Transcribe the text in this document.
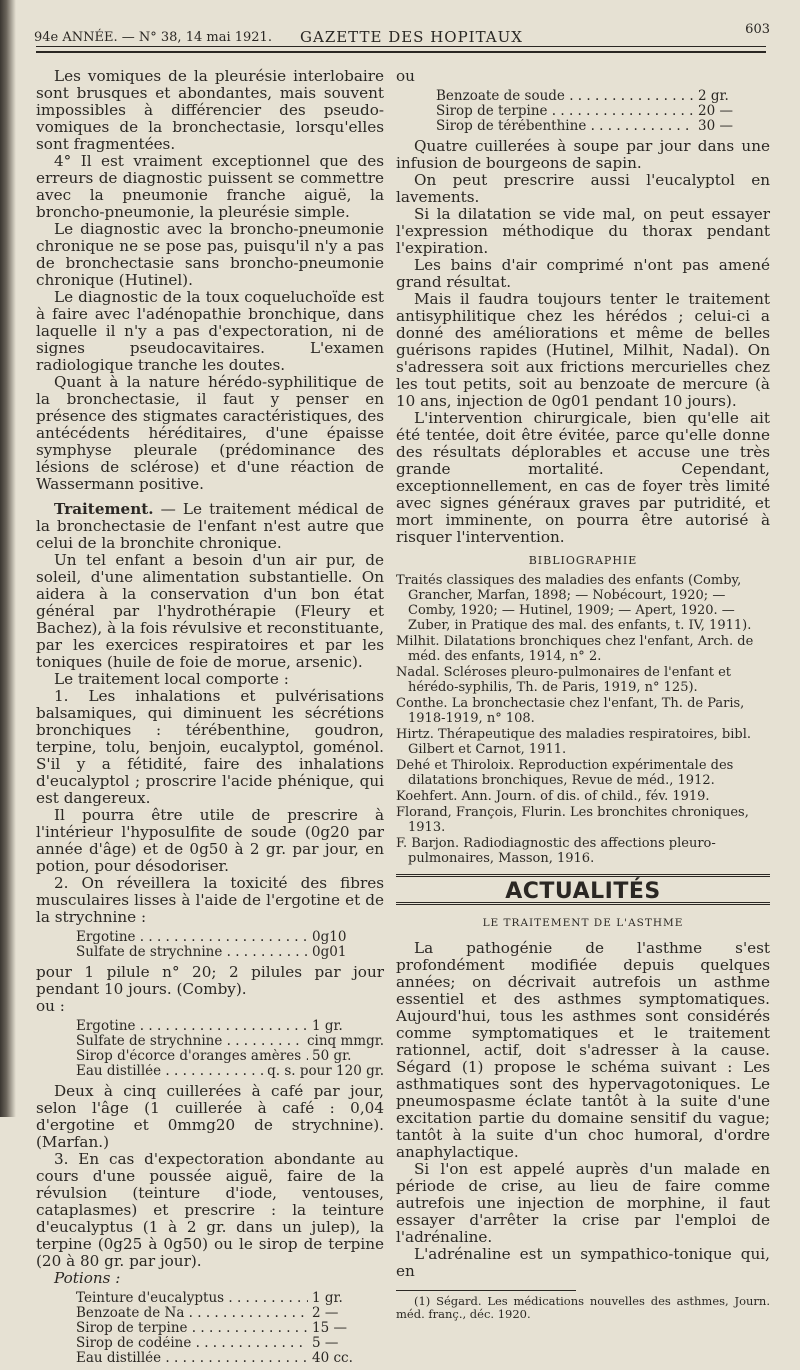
94e ANNÉE. — N° 38, 14 mai 1921. GAZETTE DES HOPITAUX	603

Les vomiques de la pleurésie interlobaire sont brusques et abondantes, mais souvent impossibles à différencier des pseudo-vomiques de la bronchectasie, lorsqu'elles sont fragmentées.

4° Il est vraiment exceptionnel que des erreurs de diagnostic puissent se commettre avec la pneumonie franche aiguë, la broncho-pneumonie, la pleurésie simple.

Le diagnostic avec la broncho-pneumonie chronique ne se pose pas, puisqu'il n'y a pas de bronchectasie sans broncho-pneumonie chronique (Hutinel).

Le diagnostic de la toux coqueluchoïde est à faire avec l'adénopathie bronchique, dans laquelle il n'y a pas d'expectoration, ni de signes pseudocavitaires. L'examen radiologique tranche les doutes.

Quant à la nature hérédo-syphilitique de la bronchectasie, il faut y penser en présence des stigmates caractéristiques, des antécédents héréditaires, d'une épaisse symphyse pleurale (prédominance des lésions de sclérose) et d'une réaction de Wassermann positive.

Traitement. — Le traitement médical de la bronchectasie de l'enfant n'est autre que celui de la bronchite chronique.

Un tel enfant a besoin d'un air pur, de soleil, d'une alimentation substantielle. On aidera à la conservation d'un bon état général par l'hydrothérapie (Fleury et Bachez), à la fois révulsive et reconstituante, par les exercices respiratoires et par les toniques (huile de foie de morue, arsenic).

Le traitement local comporte :

1. Les inhalations et pulvérisations balsamiques, qui diminuent les sécrétions bronchiques : térébenthine, goudron, terpine, tolu, benjoin, eucalyptol, goménol. S'il y a fétidité, faire des inhalations d'eucalyptol ; proscrire l'acide phénique, qui est dangereux.

Il pourra être utile de prescrire à l'intérieur l'hyposulfite de soude (0g20 par année d'âge) et de 0g50 à 2 gr. par jour, en potion, pour désodoriser.

2. On réveillera la toxicité des fibres musculaires lisses à l'aide de l'ergotine et de la strychnine :

Ergotine . . .	0g10
Sulfate de strychnine . . .	0g01

pour 1 pilule n° 20; 2 pilules par jour pendant 10 jours. (Comby).

ou :

Ergotine . . .	1 gr.
Sulfate de strychnine . . .	cinq mmgr.
Sirop d'écorce d'oranges amères . . . 50 gr.
Eau distillée . . .	q. s. pour 120 gr.

Deux à cinq cuillerées à café par jour, selon l'âge (1 cuillerée à café : 0,04 d'ergotine et 0mmg20 de strychnine). (Marfan.)

3. En cas d'expectoration abondante au cours d'une poussée aiguë, faire de la révulsion (teinture d'iode, ventouses, cataplasmes) et prescrire : la teinture d'eucalyptus (1 à 2 gr. dans un julep), la terpine (0g25 à 0g50) ou le sirop de terpine (20 à 80 gr. par jour).

Potions :

Teinture d'eucalyptus . . .	1 gr.
Benzoate de Na . . .	2 —
Sirop de terpine . . .	15 —
Sirop de codéine . . .	5 —
Eau distillée . . .	40 cc.

ou

Benzoate de soude . . .	2 gr.
Sirop de terpine . . .	20 —
Sirop de térébenthine . . .	30 —

Quatre cuillerées à soupe par jour dans une infusion de bourgeons de sapin.

On peut prescrire aussi l'eucalyptol en lavements.

Si la dilatation se vide mal, on peut essayer l'expression méthodique du thorax pendant l'expiration.

Les bains d'air comprimé n'ont pas amené grand résultat.

Mais il faudra toujours tenter le traitement antisyphilitique chez les hérédos ; celui-ci a donné des améliorations et même de belles guérisons rapides (Hutinel, Milhit, Nadal). On s'adressera soit aux frictions mercurielles chez les tout petits, soit au benzoate de mercure (à 10 ans, injection de 0g01 pendant 10 jours).

L'intervention chirurgicale, bien qu'elle ait été tentée, doit être évitée, parce qu'elle donne des résultats déplorables et accuse une très grande mortalité. Cependant, exceptionnellement, en cas de foyer très limité avec signes généraux graves par putridité, et mort imminente, on pourra être autorisé à risquer l'intervention.

BIBLIOGRAPHIE

Traités classiques des maladies des enfants (Comby, Grancher, Marfan, 1898; — Nobécourt, 1920; — Comby, 1920; — Hutinel, 1909; — Apert, 1920. — Zuber, in Pratique des mal. des enfants, t. IV, 1911).

Milhit. Dilatations bronchiques chez l'enfant, Arch. de méd. des enfants, 1914, n° 2.

Nadal. Scléroses pleuro-pulmonaires de l'enfant et hérédo-syphilis, Th. de Paris, 1919, n° 125).

Conthe. La bronchectasie chez l'enfant, Th. de Paris, 1918-1919, n° 108.

Hirtz. Thérapeutique des maladies respiratoires, bibl. Gilbert et Carnot, 1911.

Dehé et Thiroloix. Reproduction expérimentale des dilatations bronchiques, Revue de méd., 1912.

Koehfert. Ann. Journ. of dis. of child., fév. 1919.

Florand, François, Flurin. Les bronchites chroniques, 1913.

F. Barjon. Radiodiagnostic des affections pleuro-pulmonaires, Masson, 1916.

ACTUALITÉS
LE TRAITEMENT DE L'ASTHME

La pathogénie de l'asthme s'est profondément modifiée depuis quelques années; on décrivait autrefois un asthme essentiel et des asthmes symptomatiques. Aujourd'hui, tous les asthmes sont considérés comme symptomatiques et le traitement rationnel, actif, doit s'adresser à la cause. Ségard (1) propose le schéma suivant : Les asthmatiques sont des hypervagotoniques. Le pneumospasme éclate tantôt à la suite d'une excitation partie du domaine sensitif du vague; tantôt à la suite d'un choc humoral, d'ordre anaphylactique.

Si l'on est appelé auprès d'un malade en période de crise, au lieu de faire comme autrefois une injection de morphine, il faut essayer d'arrêter la crise par l'emploi de l'adrénaline.

L'adrénaline est un sympathico-tonique qui, en

(1) Ségard. Les médications nouvelles des asthmes, Journ. méd. franç., déc. 1920.
